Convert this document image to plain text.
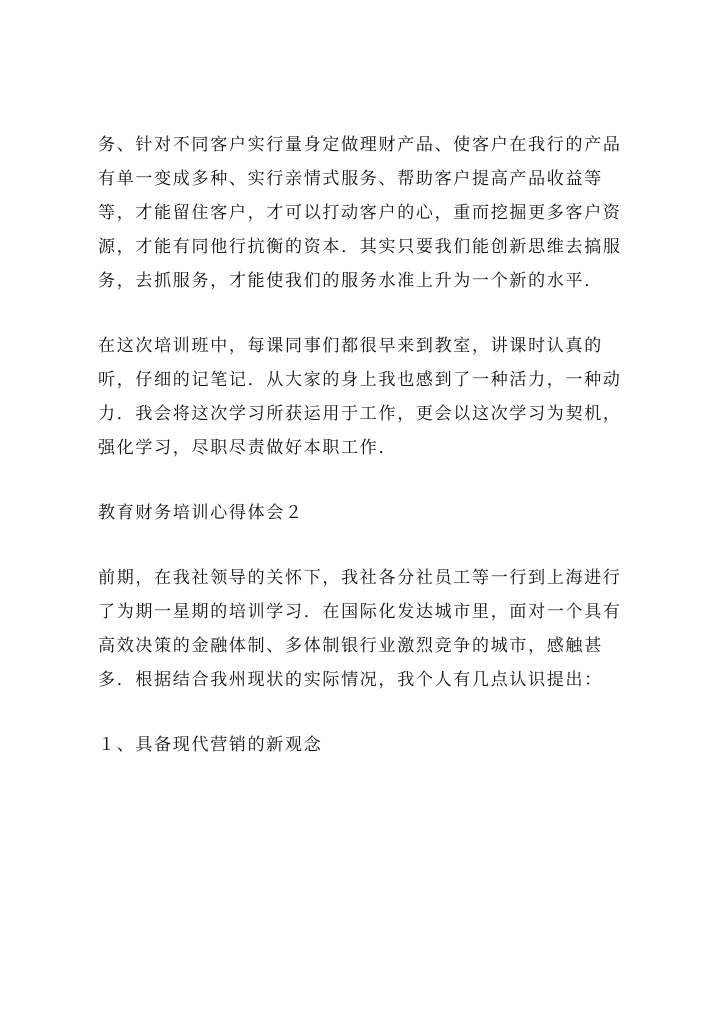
务、针对不同客户实行量身定做理财产品、使客户在我行的产品
有单一变成多种、实行亲情式服务、帮助客户提高产品收益等
等，才能留住客户，才可以打动客户的心，重而挖掘更多客户资
源，才能有同他行抗衡的资本．其实只要我们能创新思维去搞服
务，去抓服务，才能使我们的服务水准上升为一个新的水平．
在这次培训班中，每课同事们都很早来到教室，讲课时认真的
听，仔细的记笔记．从大家的身上我也感到了一种活力，一种动
力．我会将这次学习所获运用于工作，更会以这次学习为契机，
强化学习，尽职尽责做好本职工作．

教育财务培训心得体会２

前期，在我社领导的关怀下，我社各分社员工等一行到上海进行
了为期一星期的培训学习．在国际化发达城市里，面对一个具有
高效决策的金融体制、多体制银行业激烈竞争的城市，感触甚
多．根据结合我州现状的实际情况，我个人有几点认识提出：

１、具备现代营销的新观念
